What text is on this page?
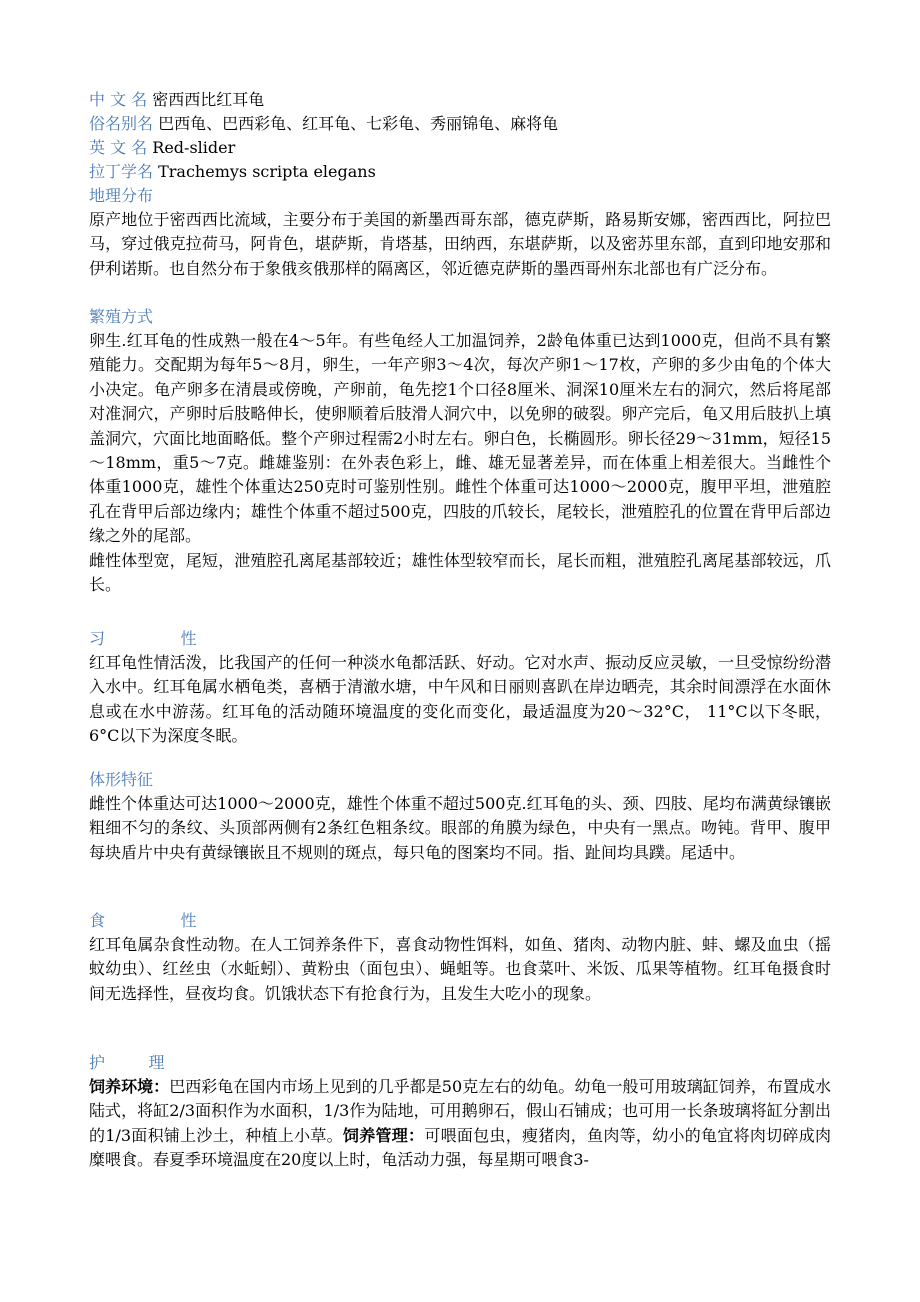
中 文 名 密西西比红耳龟
俗名别名 巴西龟、巴西彩龟、红耳龟、七彩龟、秀丽锦龟、麻将龟
英 文 名 Red-slider
拉丁学名 Trachemys scripta elegans
地理分布

原产地位于密西西比流域，主要分布于美国的新墨西哥东部，德克萨斯，路易斯安娜，密西西比，阿拉巴马，穿过俄克拉荷马，阿肯色，堪萨斯，肯塔基，田纳西，东堪萨斯，以及密苏里东部，直到印地安那和伊利诺斯。也自然分布于象俄亥俄那样的隔离区，邻近德克萨斯的墨西哥州东北部也有广泛分布。

繁殖方式

卵生.红耳龟的性成熟一般在4～5年。有些龟经人工加温饲养，2龄龟体重已达到1000克，但尚不具有繁殖能力。交配期为每年5～8月，卵生，一年产卵3～4次，每次产卵1～17枚，产卵的多少由龟的个体大小决定。龟产卵多在清晨或傍晚，产卵前，龟先挖1个口径8厘米、洞深10厘米左右的洞穴，然后将尾部对准洞穴，产卵时后肢略伸长，使卵顺着后肢滑人洞穴中，以免卵的破裂。卵产完后，龟又用后肢扒上填盖洞穴，穴面比地面略低。整个产卵过程需2小时左右。卵白色，长椭圆形。卵长径29～31mm，短径15～18mm，重5～7克。雌雄鉴别：在外表色彩上，雌、雄无显著差异，而在体重上相差很大。当雌性个体重1000克，雄性个体重达250克时可鉴别性别。雌性个体重可达1000～2000克，腹甲平坦，泄殖腔孔在背甲后部边缘内；雄性个体重不超过500克，四肢的爪较长，尾较长，泄殖腔孔的位置在背甲后部边缘之外的尾部。

雌性体型宽，尾短，泄殖腔孔离尾基部较近；雄性体型较窄而长，尾长而粗，泄殖腔孔离尾基部较远，爪长。

习 性

红耳龟性情活泼，比我国产的任何一种淡水龟都活跃、好动。它对水声、振动反应灵敏，一旦受惊纷纷潜入水中。红耳龟属水栖龟类，喜栖于清澈水塘，中午风和日丽则喜趴在岸边晒壳，其余时间漂浮在水面休息或在水中游荡。红耳龟的活动随环境温度的变化而变化，最适温度为20～32°C， 11°C以下冬眠，6°C以下为深度冬眠。

体形特征

雌性个体重达可达1000～2000克，雄性个体重不超过500克.红耳龟的头、颈、四肢、尾均布满黄绿镶嵌粗细不匀的条纹、头顶部两侧有2条红色粗条纹。眼部的角膜为绿色，中央有一黑点。吻钝。背甲、腹甲每块盾片中央有黄绿镶嵌且不规则的斑点，每只龟的图案均不同。指、趾间均具蹼。尾适中。

食 性

红耳龟属杂食性动物。在人工饲养条件下，喜食动物性饵料，如鱼、猪肉、动物内脏、蚌、螺及血虫（摇蚊幼虫）、红丝虫（水蚯蚓）、黄粉虫（面包虫）、蝇蛆等。也食菜叶、米饭、瓜果等植物。红耳龟摄食时间无选择性，昼夜均食。饥饿状态下有抢食行为，且发生大吃小的现象。

护 理

饲养环境：巴西彩龟在国内市场上见到的几乎都是50克左右的幼龟。幼龟一般可用玻璃缸饲养，布置成水陆式，将缸2/3面积作为水面积，1/3作为陆地，可用鹅卵石，假山石铺成；也可用一长条玻璃将缸分割出的1/3面积铺上沙土，种植上小草。饲养管理：可喂面包虫，瘦猪肉，鱼肉等，幼小的龟宜将肉切碎成肉糜喂食。春夏季环境温度在20度以上时，龟活动力强，每星期可喂食3-
